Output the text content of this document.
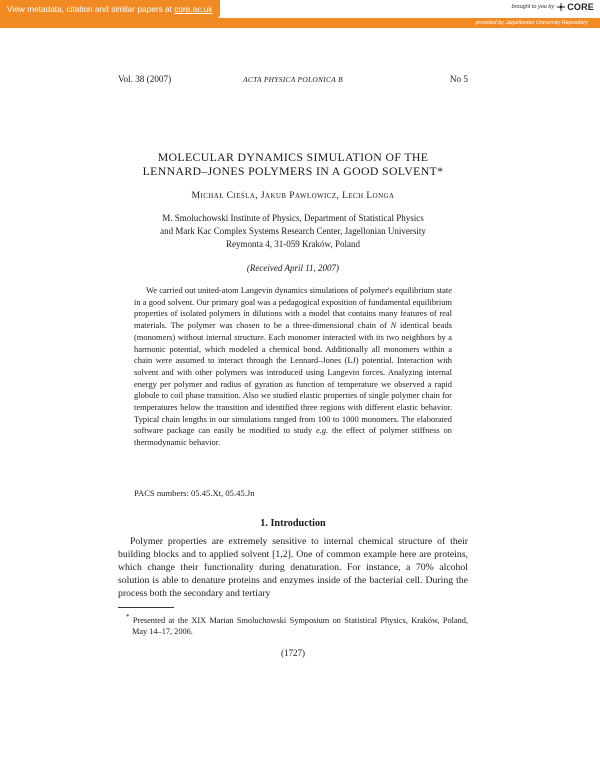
View metadata, citation and similar papers at core.ac.uk	brought to you by CORE
provided by Jagiellonian University Repository
Vol. 38 (2007)	ACTA PHYSICA POLONICA B	No 5
MOLECULAR DYNAMICS SIMULATION OF THE
LENNARD–JONES POLYMERS IN A GOOD SOLVENT*
Michał Cieśla, Jakub Pawłowicz, Lech Longa
M. Smoluchowski Institute of Physics, Department of Statistical Physics
and Mark Kac Complex Systems Research Center, Jagellonian University
Reymonta 4, 31-059 Kraków, Poland
(Received April 11, 2007)
We carried out united-atom Langevin dynamics simulations of polymer's equilibrium state in a good solvent. Our primary goal was a pedagogical exposition of fundamental equilibrium properties of isolated polymers in dilutions with a model that contains many features of real materials. The polymer was chosen to be a three-dimensional chain of N identical beads (monomers) without internal structure. Each monomer interacted with its two neighbors by a harmonic potential, which modeled a chemical bond. Additionally all monomers within a chain were assumed to interact through the Lennard–Jones (LJ) potential. Interaction with solvent and with other polymers was introduced using Langevin forces. Analyzing internal energy per polymer and radius of gyration as function of temperature we observed a rapid globule to coil phase transition. Also we studied elastic properties of single polymer chain for temperatures below the transition and identified three regions with different elastic behavior. Typical chain lengths in our simulations ranged from 100 to 1000 monomers. The elaborated software package can easily be modified to study e.g. the effect of polymer stiffness on thermodynamic behavior.
PACS numbers: 05.45.Xt, 05.45.Jn
1. Introduction
Polymer properties are extremely sensitive to internal chemical structure of their building blocks and to applied solvent [1,2]. One of common example here are proteins, which change their functionality during denaturation. For instance, a 70% alcohol solution is able to denature proteins and enzymes inside of the bacterial cell. During the process both the secondary and tertiary
* Presented at the XIX Marian Smoluchowski Symposium on Statistical Physics, Kraków, Poland, May 14–17, 2006.
(1727)
